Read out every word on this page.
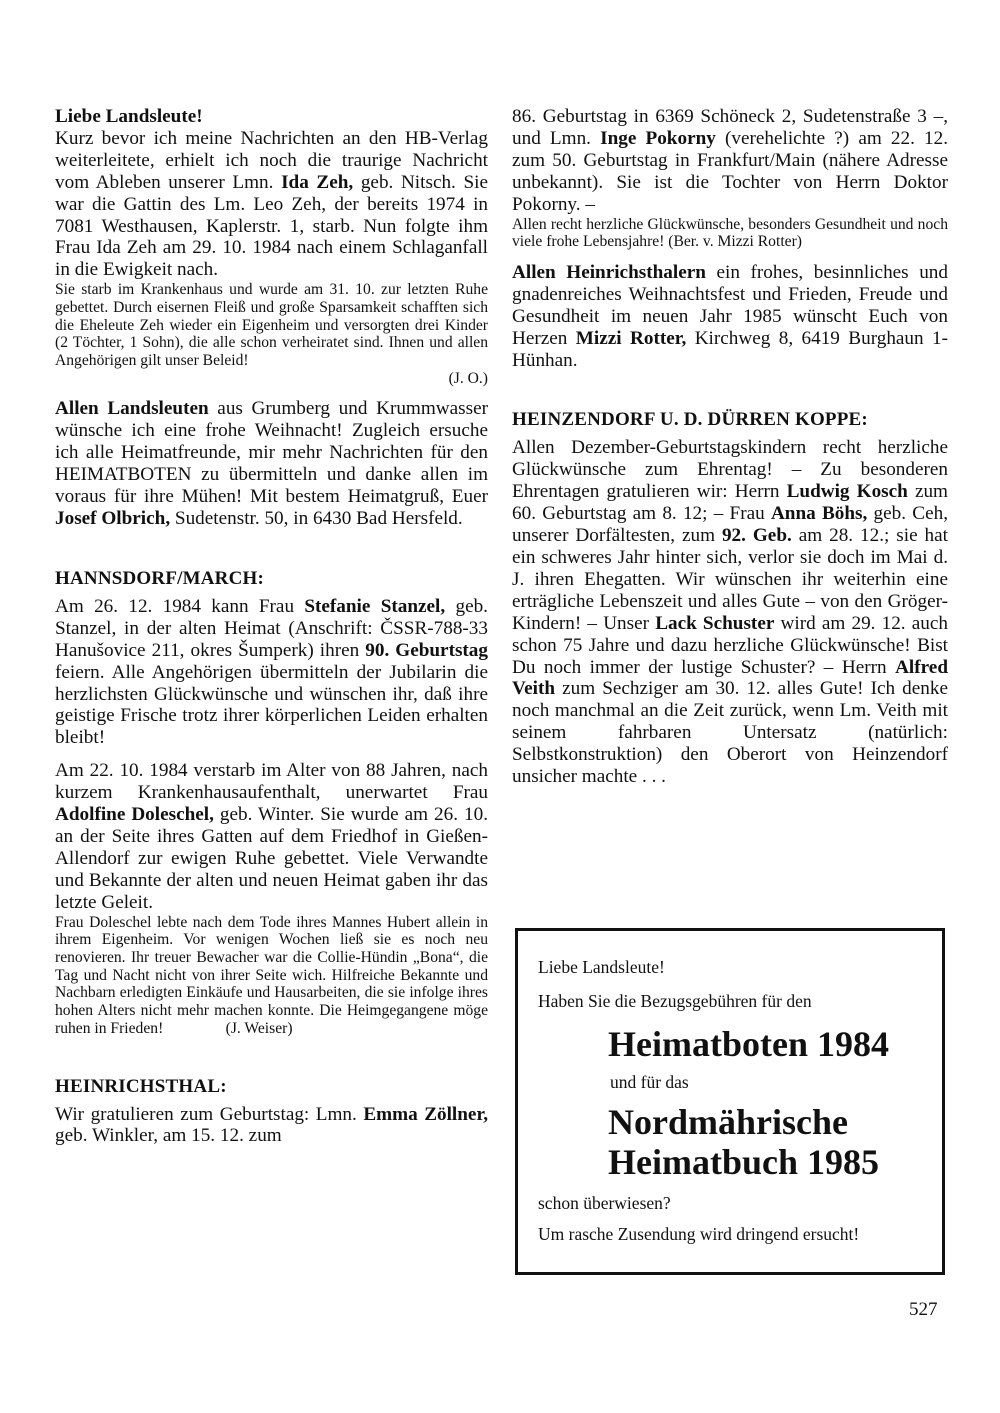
Liebe Landsleute!

Kurz bevor ich meine Nachrichten an den HB-Verlag weiterleitete, erhielt ich noch die traurige Nachricht vom Ableben unserer Lmn. Ida Zeh, geb. Nitsch. Sie war die Gattin des Lm. Leo Zeh, der bereits 1974 in 7081 Westhausen, Kaplerstr. 1, starb. Nun folgte ihm Frau Ida Zeh am 29. 10. 1984 nach einem Schlaganfall in die Ewigkeit nach.

Sie starb im Krankenhaus und wurde am 31. 10. zur letzten Ruhe gebettet. Durch eisernen Fleiß und große Sparsamkeit schafften sich die Eheleute Zeh wieder ein Eigenheim und versorgten drei Kinder (2 Töchter, 1 Sohn), die alle schon verheiratet sind. Ihnen und allen Angehörigen gilt unser Beleid!

(J. O.)

Allen Landsleuten aus Grumberg und Krummwasser wünsche ich eine frohe Weihnacht! Zugleich ersuche ich alle Heimatfreunde, mir mehr Nachrichten für den HEIMATBOTEN zu übermitteln und danke allen im voraus für ihre Mühen! Mit bestem Heimatgruß, Euer Josef Olbrich, Sudetenstr. 50, in 6430 Bad Hersfeld.

HANNSDORF/MARCH:

Am 26. 12. 1984 kann Frau Stefanie Stanzel, geb. Stanzel, in der alten Heimat (Anschrift: ČSSR-788-33 Hanušovice 211, okres Šumperk) ihren 90. Geburtstag feiern. Alle Angehörigen übermitteln der Jubilarin die herzlichsten Glückwünsche und wünschen ihr, daß ihre geistige Frische trotz ihrer körperlichen Leiden erhalten bleibt!

Am 22. 10. 1984 verstarb im Alter von 88 Jahren, nach kurzem Krankenhausaufenthalt, unerwartet Frau Adolfine Doleschel, geb. Winter. Sie wurde am 26. 10. an der Seite ihres Gatten auf dem Friedhof in Gießen-Allendorf zur ewigen Ruhe gebettet. Viele Verwandte und Bekannte der alten und neuen Heimat gaben ihr das letzte Geleit.

Frau Doleschel lebte nach dem Tode ihres Mannes Hubert allein in ihrem Eigenheim. Vor wenigen Wochen ließ sie es noch neu renovieren. Ihr treuer Bewacher war die Collie-Hündin „Bona“, die Tag und Nacht nicht von ihrer Seite wich. Hilfreiche Bekannte und Nachbarn erledigten Einkäufe und Hausarbeiten, die sie infolge ihres hohen Alters nicht mehr machen konnte. Die Heimgegangene möge ruhen in Frieden!                (J. Weiser)

HEINRICHSTHAL:

Wir gratulieren zum Geburtstag: Lmn. Emma Zöllner, geb. Winkler, am 15. 12. zum

86. Geburtstag in 6369 Schöneck 2, Sudetenstraße 3 –, und Lmn. Inge Pokorny (verehelichte ?) am 22. 12. zum 50. Geburtstag in Frankfurt/Main (nähere Adresse unbekannt). Sie ist die Tochter von Herrn Doktor Pokorny. –

Allen recht herzliche Glückwünsche, besonders Gesundheit und noch viele frohe Lebensjahre! (Ber. v. Mizzi Rotter)

Allen Heinrichsthalern ein frohes, besinnliches und gnadenreiches Weihnachtsfest und Frieden, Freude und Gesundheit im neuen Jahr 1985 wünscht Euch von Herzen Mizzi Rotter, Kirchweg 8, 6419 Burghaun 1-Hünhan.

HEINZENDORF U. D. DÜRREN KOPPE:

Allen Dezember-Geburtstagskindern recht herzliche Glückwünsche zum Ehrentag! – Zu besonderen Ehrentagen gratulieren wir: Herrn Ludwig Kosch zum 60. Geburtstag am 8. 12; – Frau Anna Böhs, geb. Ceh, unserer Dorfältesten, zum 92. Geb. am 28. 12.; sie hat ein schweres Jahr hinter sich, verlor sie doch im Mai d. J. ihren Ehegatten. Wir wünschen ihr weiterhin eine erträgliche Lebenszeit und alles Gute – von den Gröger-Kindern! – Unser Lack Schuster wird am 29. 12. auch schon 75 Jahre und dazu herzliche Glückwünsche! Bist Du noch immer der lustige Schuster? – Herrn Alfred Veith zum Sechziger am 30. 12. alles Gute! Ich denke noch manchmal an die Zeit zurück, wenn Lm. Veith mit seinem fahrbaren Untersatz (natürlich: Selbstkonstruktion) den Oberort von Heinzendorf unsicher machte . . .

Liebe Landsleute!

Haben Sie die Bezugsgebühren für den

Heimatboten 1984

und für das

Nordmährische

Heimatbuch 1985

schon überwiesen?

Um rasche Zusendung wird dringend ersucht!

527
